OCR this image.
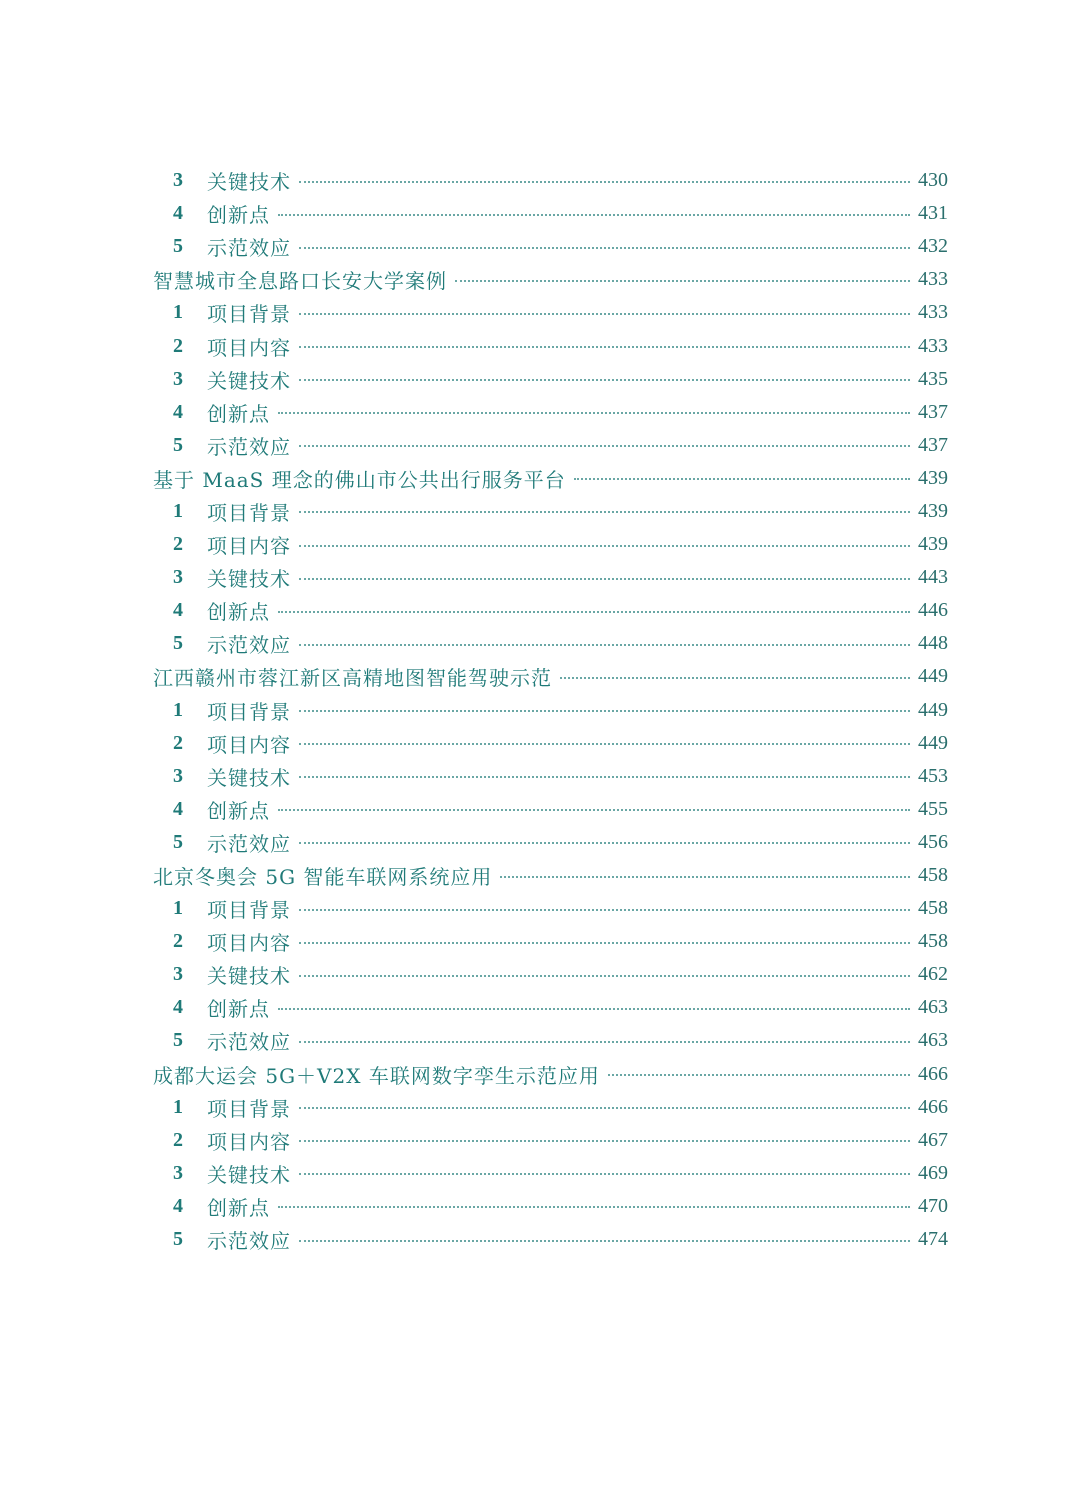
3	关键技术	430
4	创新点	431
5	示范效应	432
智慧城市全息路口长安大学案例	433
1	项目背景	433
2	项目内容	433
3	关键技术	435
4	创新点	437
5	示范效应	437
基于 MaaS 理念的佛山市公共出行服务平台	439
1	项目背景	439
2	项目内容	439
3	关键技术	443
4	创新点	446
5	示范效应	448
江西赣州市蓉江新区高精地图智能驾驶示范	449
1	项目背景	449
2	项目内容	449
3	关键技术	453
4	创新点	455
5	示范效应	456
北京冬奥会 5G 智能车联网系统应用	458
1	项目背景	458
2	项目内容	458
3	关键技术	462
4	创新点	463
5	示范效应	463
成都大运会 5G＋V2X 车联网数字孪生示范应用	466
1	项目背景	466
2	项目内容	467
3	关键技术	469
4	创新点	470
5	示范效应	474
